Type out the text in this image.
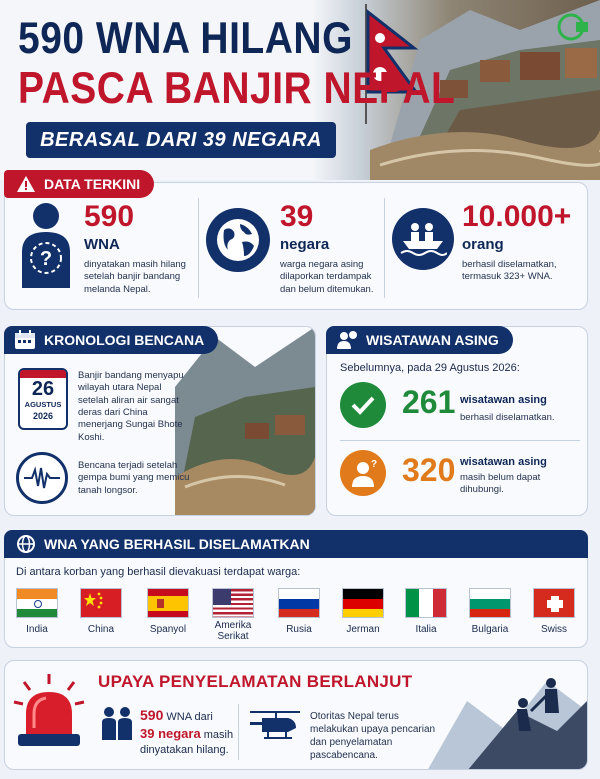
590 WNA HILANG
PASCA BANJIR NEPAL
BERASAL DARI 39 NEGARA
DATA TERKINI
?
590
WNA
dinyatakan masih hilang setelah banjir bandang melanda Nepal.
39
negara
warga negara asing dilaporkan terdampak dan belum ditemukan.
10.000+
orang
berhasil diselamatkan, termasuk 323+ WNA.
KRONOLOGI BENCANA
26
AGUSTUS
2026
Banjir bandang menyapu wilayah utara Nepal setelah aliran air sangat deras dari China menerjang Sungai Bhote Koshi.
Bencana terjadi setelah gempa bumi yang memicu tanah longsor.
WISATAWAN ASING
Sebelumnya, pada 29 Agustus 2026:
261 wisatawan asing
berhasil diselamatkan.
? 320 wisatawan asing
masih belum dapat dihubungi.
WNA YANG BERHASIL DISELAMATKAN
Di antara korban yang berhasil dievakuasi terdapat warga:
India	China	Spanyol	Amerika Serikat
Rusia	Jerman	Italia	Bulgaria	Swiss
UPAYA PENYELAMATAN BERLANJUT
590 WNA dari
39 negara masih
dinyatakan hilang.
Otoritas Nepal terus melakukan upaya pencarian dan penyelamatan pascabencana.
